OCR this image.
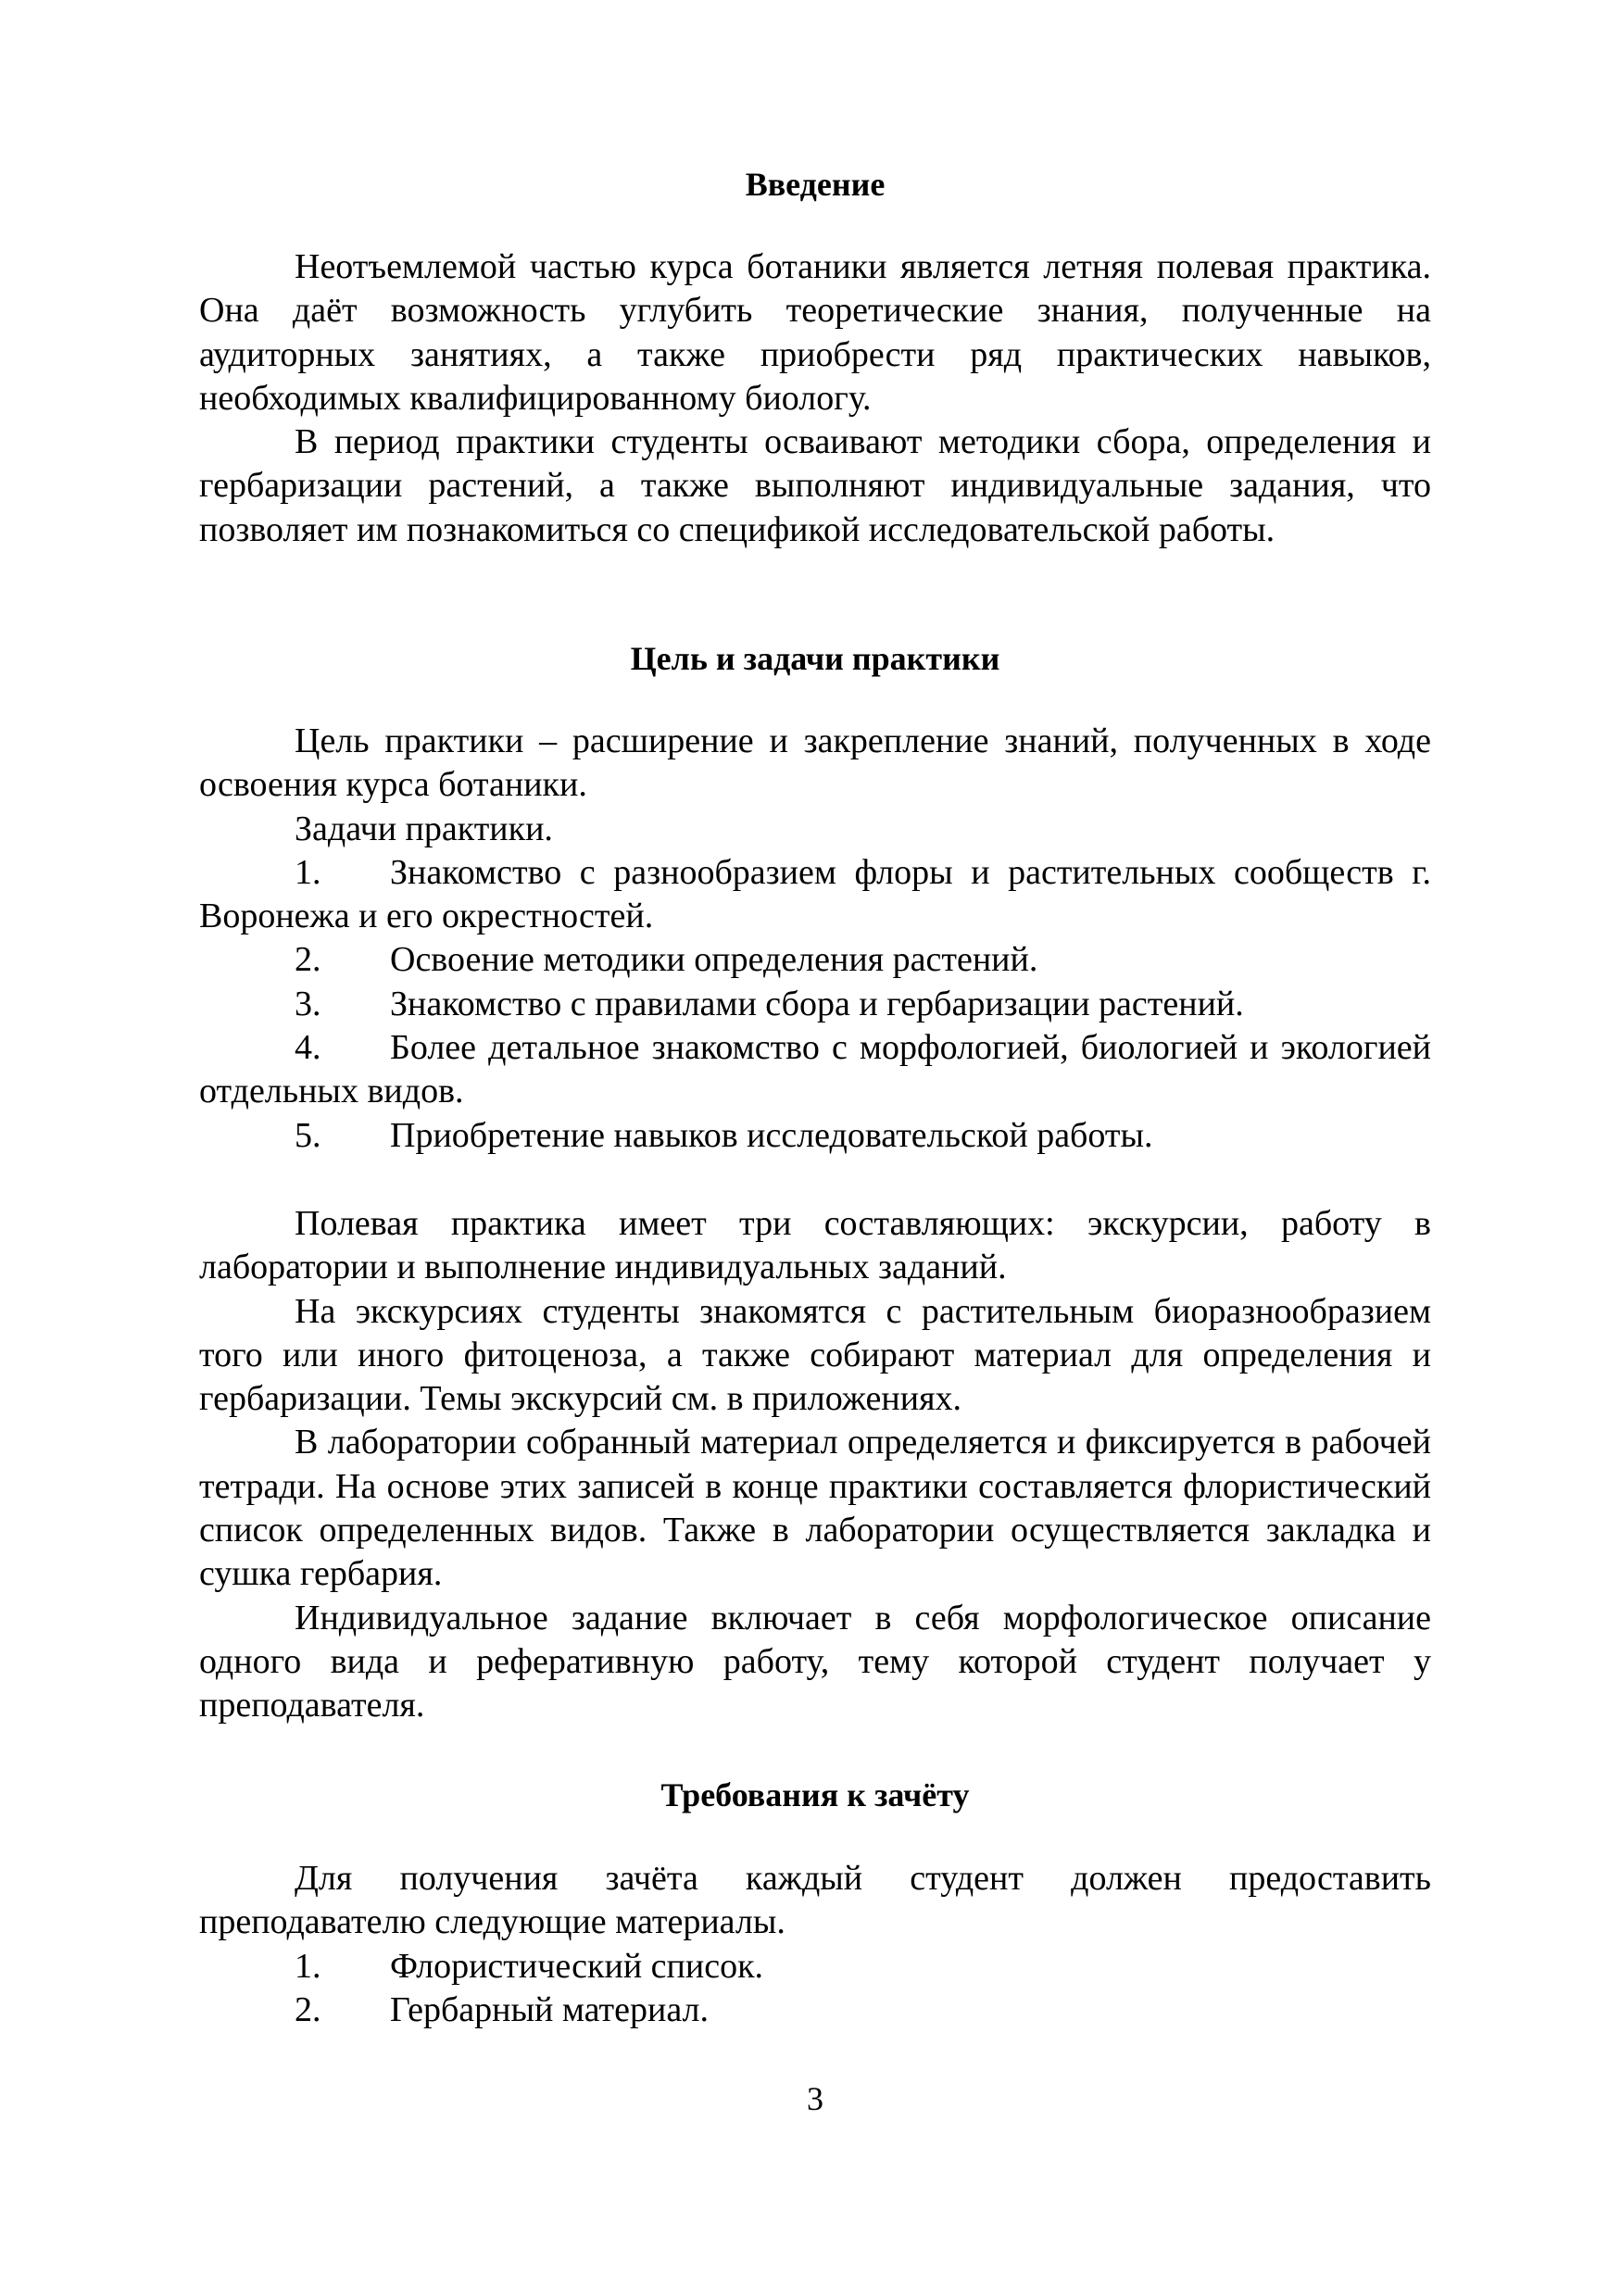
Введение

Неотъемлемой частью курса ботаники является летняя полевая практика. Она даёт возможность углубить теоретические знания, полученные на аудиторных занятиях, а также приобрести ряд практических навыков, необходимых квалифицированному биологу.

В период практики студенты осваивают методики сбора, определения и гербаризации растений, а также выполняют индивидуальные задания, что позволяет им познакомиться со спецификой исследовательской работы.

Цель и задачи практики

Цель практики – расширение и закрепление знаний, полученных в ходе освоения курса ботаники.

Задачи практики.

1. Знакомство с разнообразием флоры и растительных сообществ г. Воронежа и его окрестностей.

2. Освоение методики определения растений.

3. Знакомство с правилами сбора и гербаризации растений.

4. Более детальное знакомство с морфологией, биологией и экологией отдельных видов.

5. Приобретение навыков исследовательской работы.

Полевая практика имеет три составляющих: экскурсии, работу в лаборатории и выполнение индивидуальных заданий.

На экскурсиях студенты знакомятся с растительным биоразнообразием того или иного фитоценоза, а также собирают материал для определения и гербаризации. Темы экскурсий см. в приложениях.

В лаборатории собранный материал определяется и фиксируется в рабочей тетради. На основе этих записей в конце практики составляется флористический список определенных видов. Также в лаборатории осуществляется закладка и сушка гербария.

Индивидуальное задание включает в себя морфологическое описание одного вида и реферативную работу, тему которой студент получает у преподавателя.

Требования к зачёту

Для получения зачёта каждый студент должен предоставить преподавателю следующие материалы.

1. Флористический список.

2. Гербарный материал.

3
